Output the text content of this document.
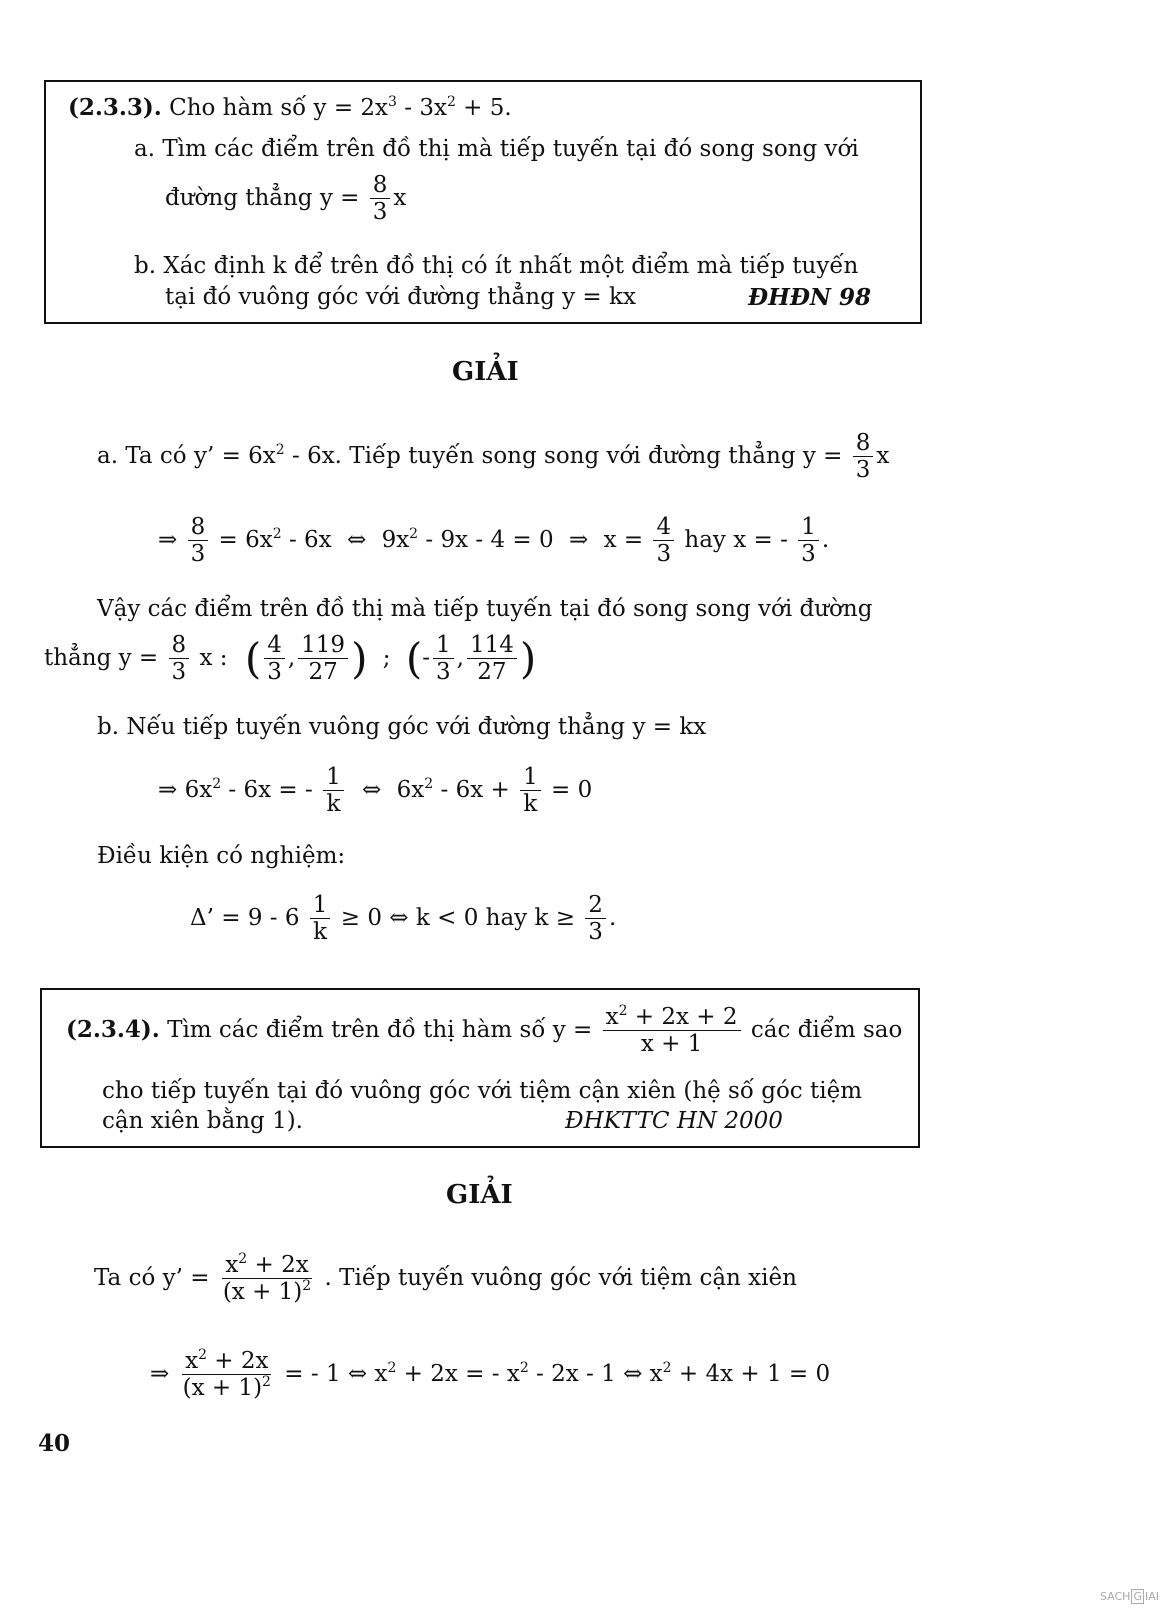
(2.3.3). Cho hàm số $y = 2x^3 - 3x^2 + 5$.
a. Tìm các điểm trên đồ thị mà tiếp tuyến tại đó song song với
đường thẳng $y = \frac{8}{3}$ x
b. Xác định k để trên đồ thị có ít nhất một điểm mà tiếp tuyến
tại đó vuông góc với đường thẳng y = kx	ĐHĐN 98
GIẢI
a. Ta có y’ = $6x^2 - 6x$. Tiếp tuyến song song với đường thẳng $y = \frac{8}{3}$ x
⇒ $\frac{8}{3} = 6x^2 - 6x$ ⇔ $9x^2 - 9x - 4 = 0$ ⇒ $x = \frac{4}{3}$ hay x = - $\frac{1}{3}$ .
Vậy các điểm trên đồ thị mà tiếp tuyến tại đó song song với đường
thẳng $y = \frac{8}{3}$ x : ( $\frac{4}{3}$ , $\frac{119}{27}$ ) ; (- $\frac{1}{3}$ , $\frac{114}{27}$ )
b. Nếu tiếp tuyến vuông góc với đường thẳng y = kx
⇒ $6x^2 - 6x$ = - $\frac{1}{k}$ ⇔ $6x^2 - 6x + \frac{1}{k} = 0$
Điều kiện có nghiệm:
Δ’ = $9 - 6 \frac{1}{k} \ge 0$ ⇔ k < 0 hay $k \ge \frac{2}{3}$ .
(2.3.4). Tìm các điểm trên đồ thị hàm số $y = \frac{x^2 + 2x + 2}{x + 1}$ các điểm sao
cho tiếp tuyến tại đó vuông góc với tiệm cận xiên (hệ số góc tiệm
cận xiên bằng 1).	ĐHKTTC HN 2000
GIẢI
Ta có y’ = $\frac{x^2 + 2x}{(x + 1)^2}$ . Tiếp tuyến vuông góc với tiệm cận xiên
⇒ $\frac{x^2 + 2x}{(x + 1)^2}$ = - 1 ⇔ $x^2 + 2x$ = - $x^2 - 2x - 1$ ⇔ $x^2 + 4x + 1 = 0$
40
SACH G IAI
